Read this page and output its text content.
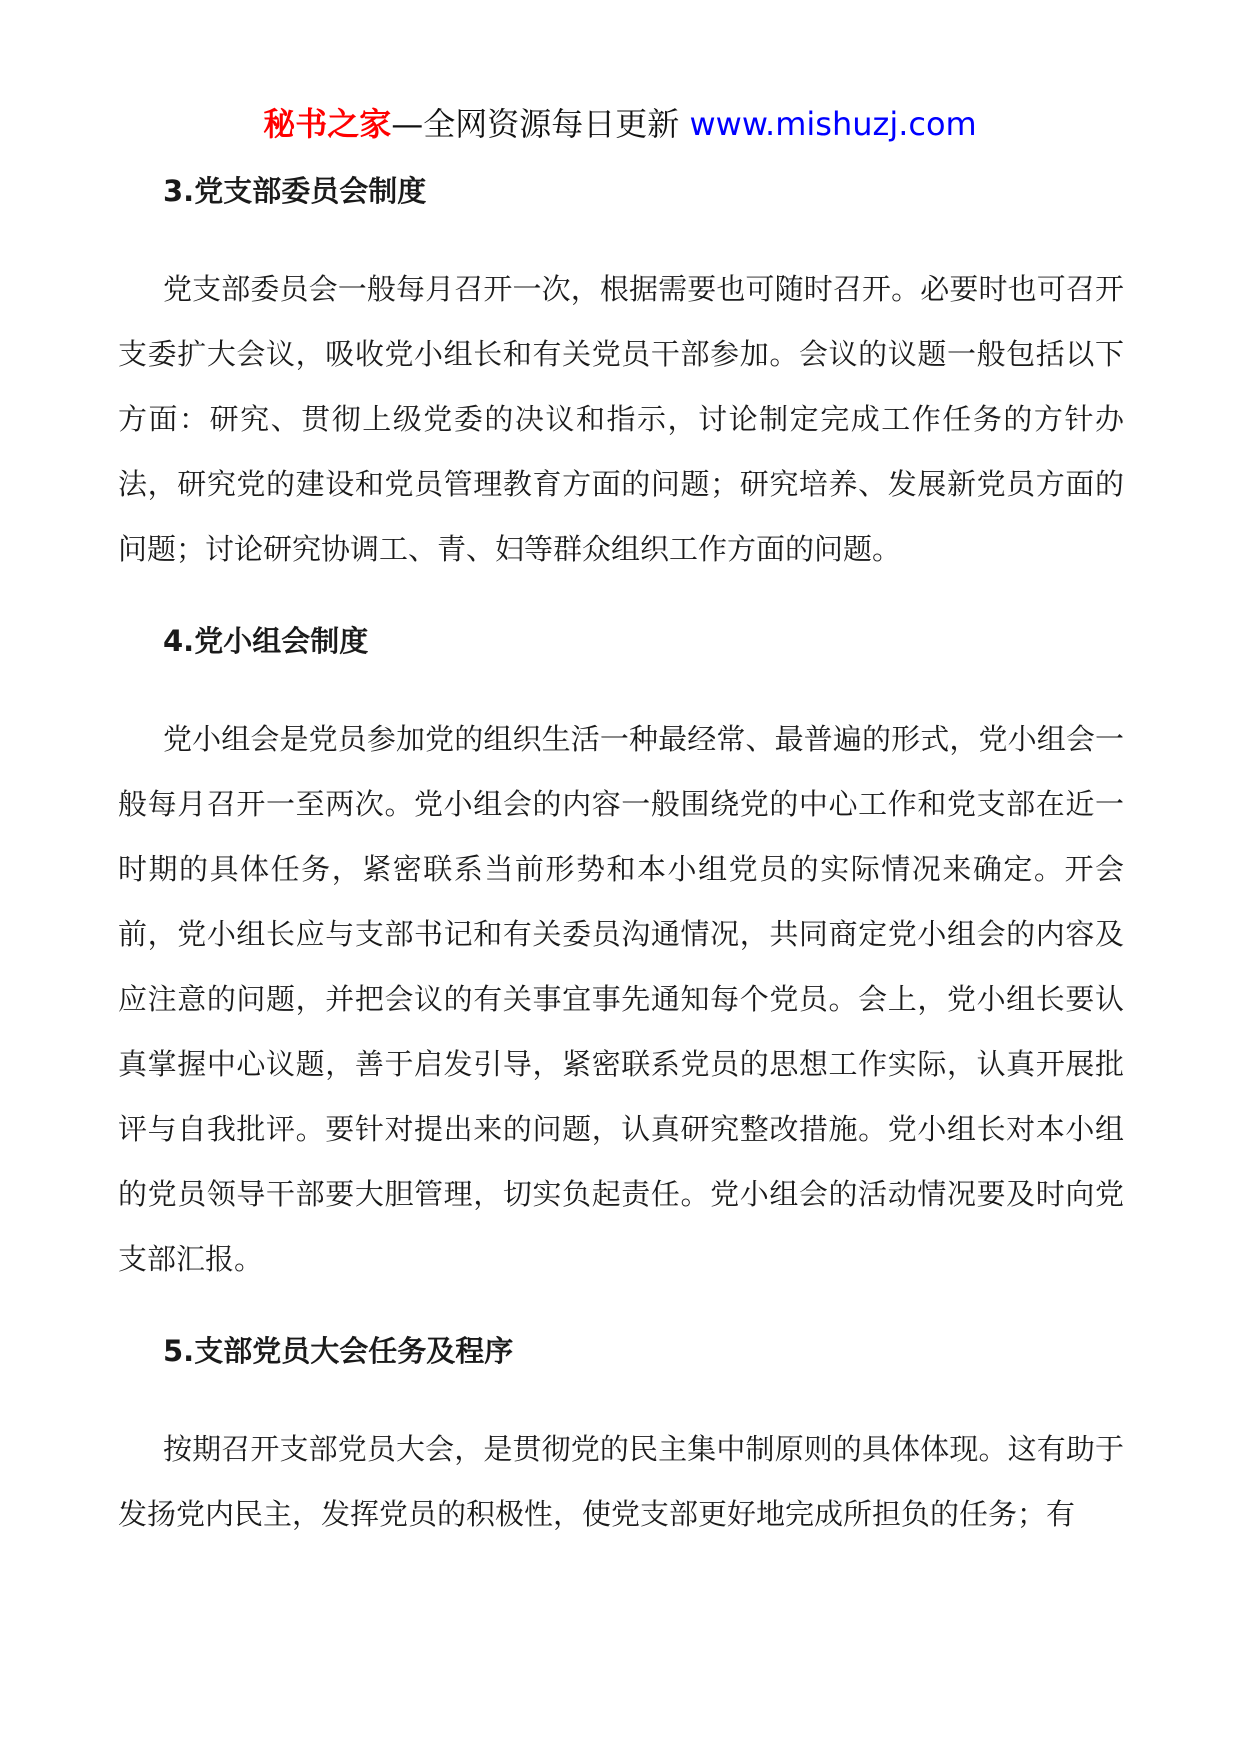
秘书之家—全网资源每日更新 www.mishuzj.com
3.党支部委员会制度

党支部委员会一般每月召开一次，根据需要也可随时召开。必要时也可召开支委扩大会议，吸收党小组长和有关党员干部参加。会议的议题一般包括以下方面：研究、贯彻上级党委的决议和指示，讨论制定完成工作任务的方针办法，研究党的建设和党员管理教育方面的问题；研究培养、发展新党员方面的问题；讨论研究协调工、青、妇等群众组织工作方面的问题。

4.党小组会制度

党小组会是党员参加党的组织生活一种最经常、最普遍的形式，党小组会一般每月召开一至两次。党小组会的内容一般围绕党的中心工作和党支部在近一时期的具体任务，紧密联系当前形势和本小组党员的实际情况来确定。开会前，党小组长应与支部书记和有关委员沟通情况，共同商定党小组会的内容及应注意的问题，并把会议的有关事宜事先通知每个党员。会上，党小组长要认真掌握中心议题，善于启发引导，紧密联系党员的思想工作实际，认真开展批评与自我批评。要针对提出来的问题，认真研究整改措施。党小组长对本小组的党员领导干部要大胆管理，切实负起责任。党小组会的活动情况要及时向党支部汇报。

5.支部党员大会任务及程序

按期召开支部党员大会，是贯彻党的民主集中制原则的具体体现。这有助于发扬党内民主，发挥党员的积极性，使党支部更好地完成所担负的任务；有
